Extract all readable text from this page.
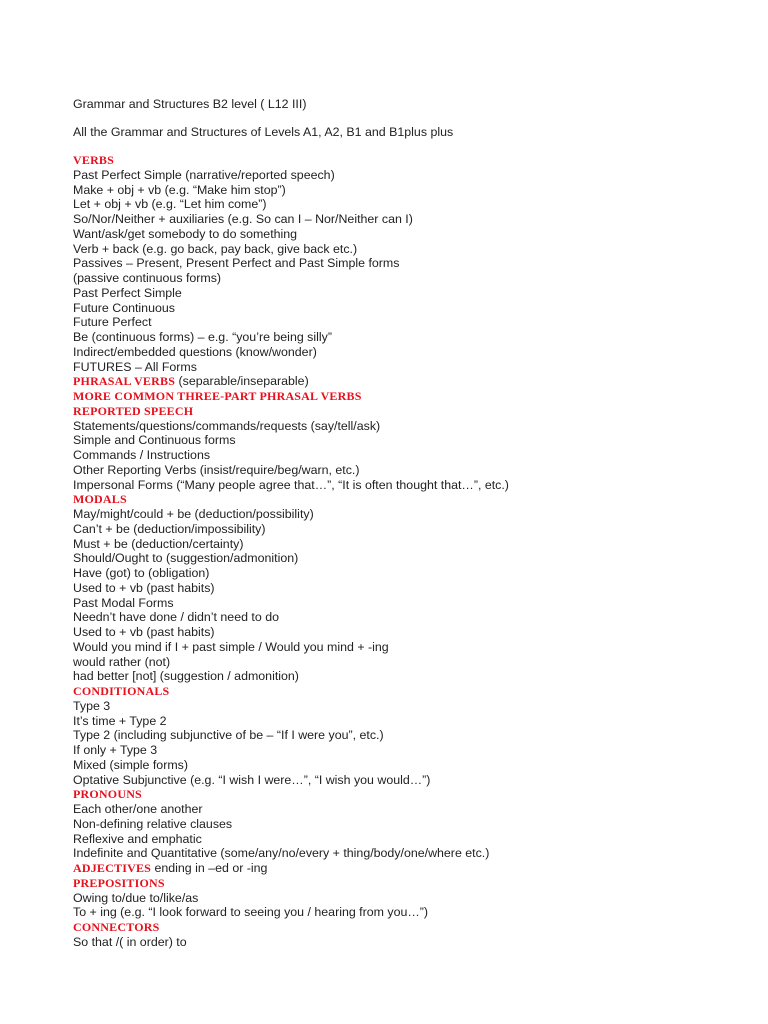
Grammar and Structures B2 level ( L12 III)

All the Grammar and Structures of Levels A1, A2, B1 and B1plus plus

VERBS
Past Perfect Simple (narrative/reported speech)
Make + obj + vb (e.g. “Make him stop”)
Let + obj + vb (e.g. “Let him come”)
So/Nor/Neither + auxiliaries (e.g. So can I – Nor/Neither can I)
Want/ask/get somebody to do something
Verb + back (e.g. go back, pay back, give back etc.)
Passives – Present, Present Perfect and Past Simple forms
(passive continuous forms)
Past Perfect Simple
Future Continuous
Future Perfect
Be (continuous forms) – e.g. “you’re being silly”
Indirect/embedded questions (know/wonder)
FUTURES – All Forms
PHRASAL VERBS (separable/inseparable)
MORE COMMON THREE-PART PHRASAL VERBS
REPORTED SPEECH
Statements/questions/commands/requests (say/tell/ask)
Simple and Continuous forms
Commands / Instructions
Other Reporting Verbs (insist/require/beg/warn, etc.)
Impersonal Forms (“Many people agree that…”, “It is often thought that…”, etc.)
MODALS
May/might/could + be (deduction/possibility)
Can’t + be (deduction/impossibility)
Must + be (deduction/certainty)
Should/Ought to (suggestion/admonition)
Have (got) to (obligation)
Used to + vb (past habits)
Past Modal Forms
Needn’t have done / didn’t need to do
Used to + vb (past habits)
Would you mind if I + past simple / Would you mind + -ing
would rather (not)
had better [not] (suggestion / admonition)
CONDITIONALS
Type 3
It’s time + Type 2
Type 2 (including subjunctive of be – “If I were you”, etc.)
If only + Type 3
Mixed (simple forms)
Optative Subjunctive (e.g. “I wish I were…”, “I wish you would…”)
PRONOUNS
Each other/one another
Non-defining relative clauses
Reflexive and emphatic
Indefinite and Quantitative (some/any/no/every + thing/body/one/where etc.)
ADJECTIVES ending in –ed or -ing
PREPOSITIONS
Owing to/due to/like/as
To + ing (e.g. “I look forward to seeing you / hearing from you…”)
CONNECTORS
So that /( in order) to
